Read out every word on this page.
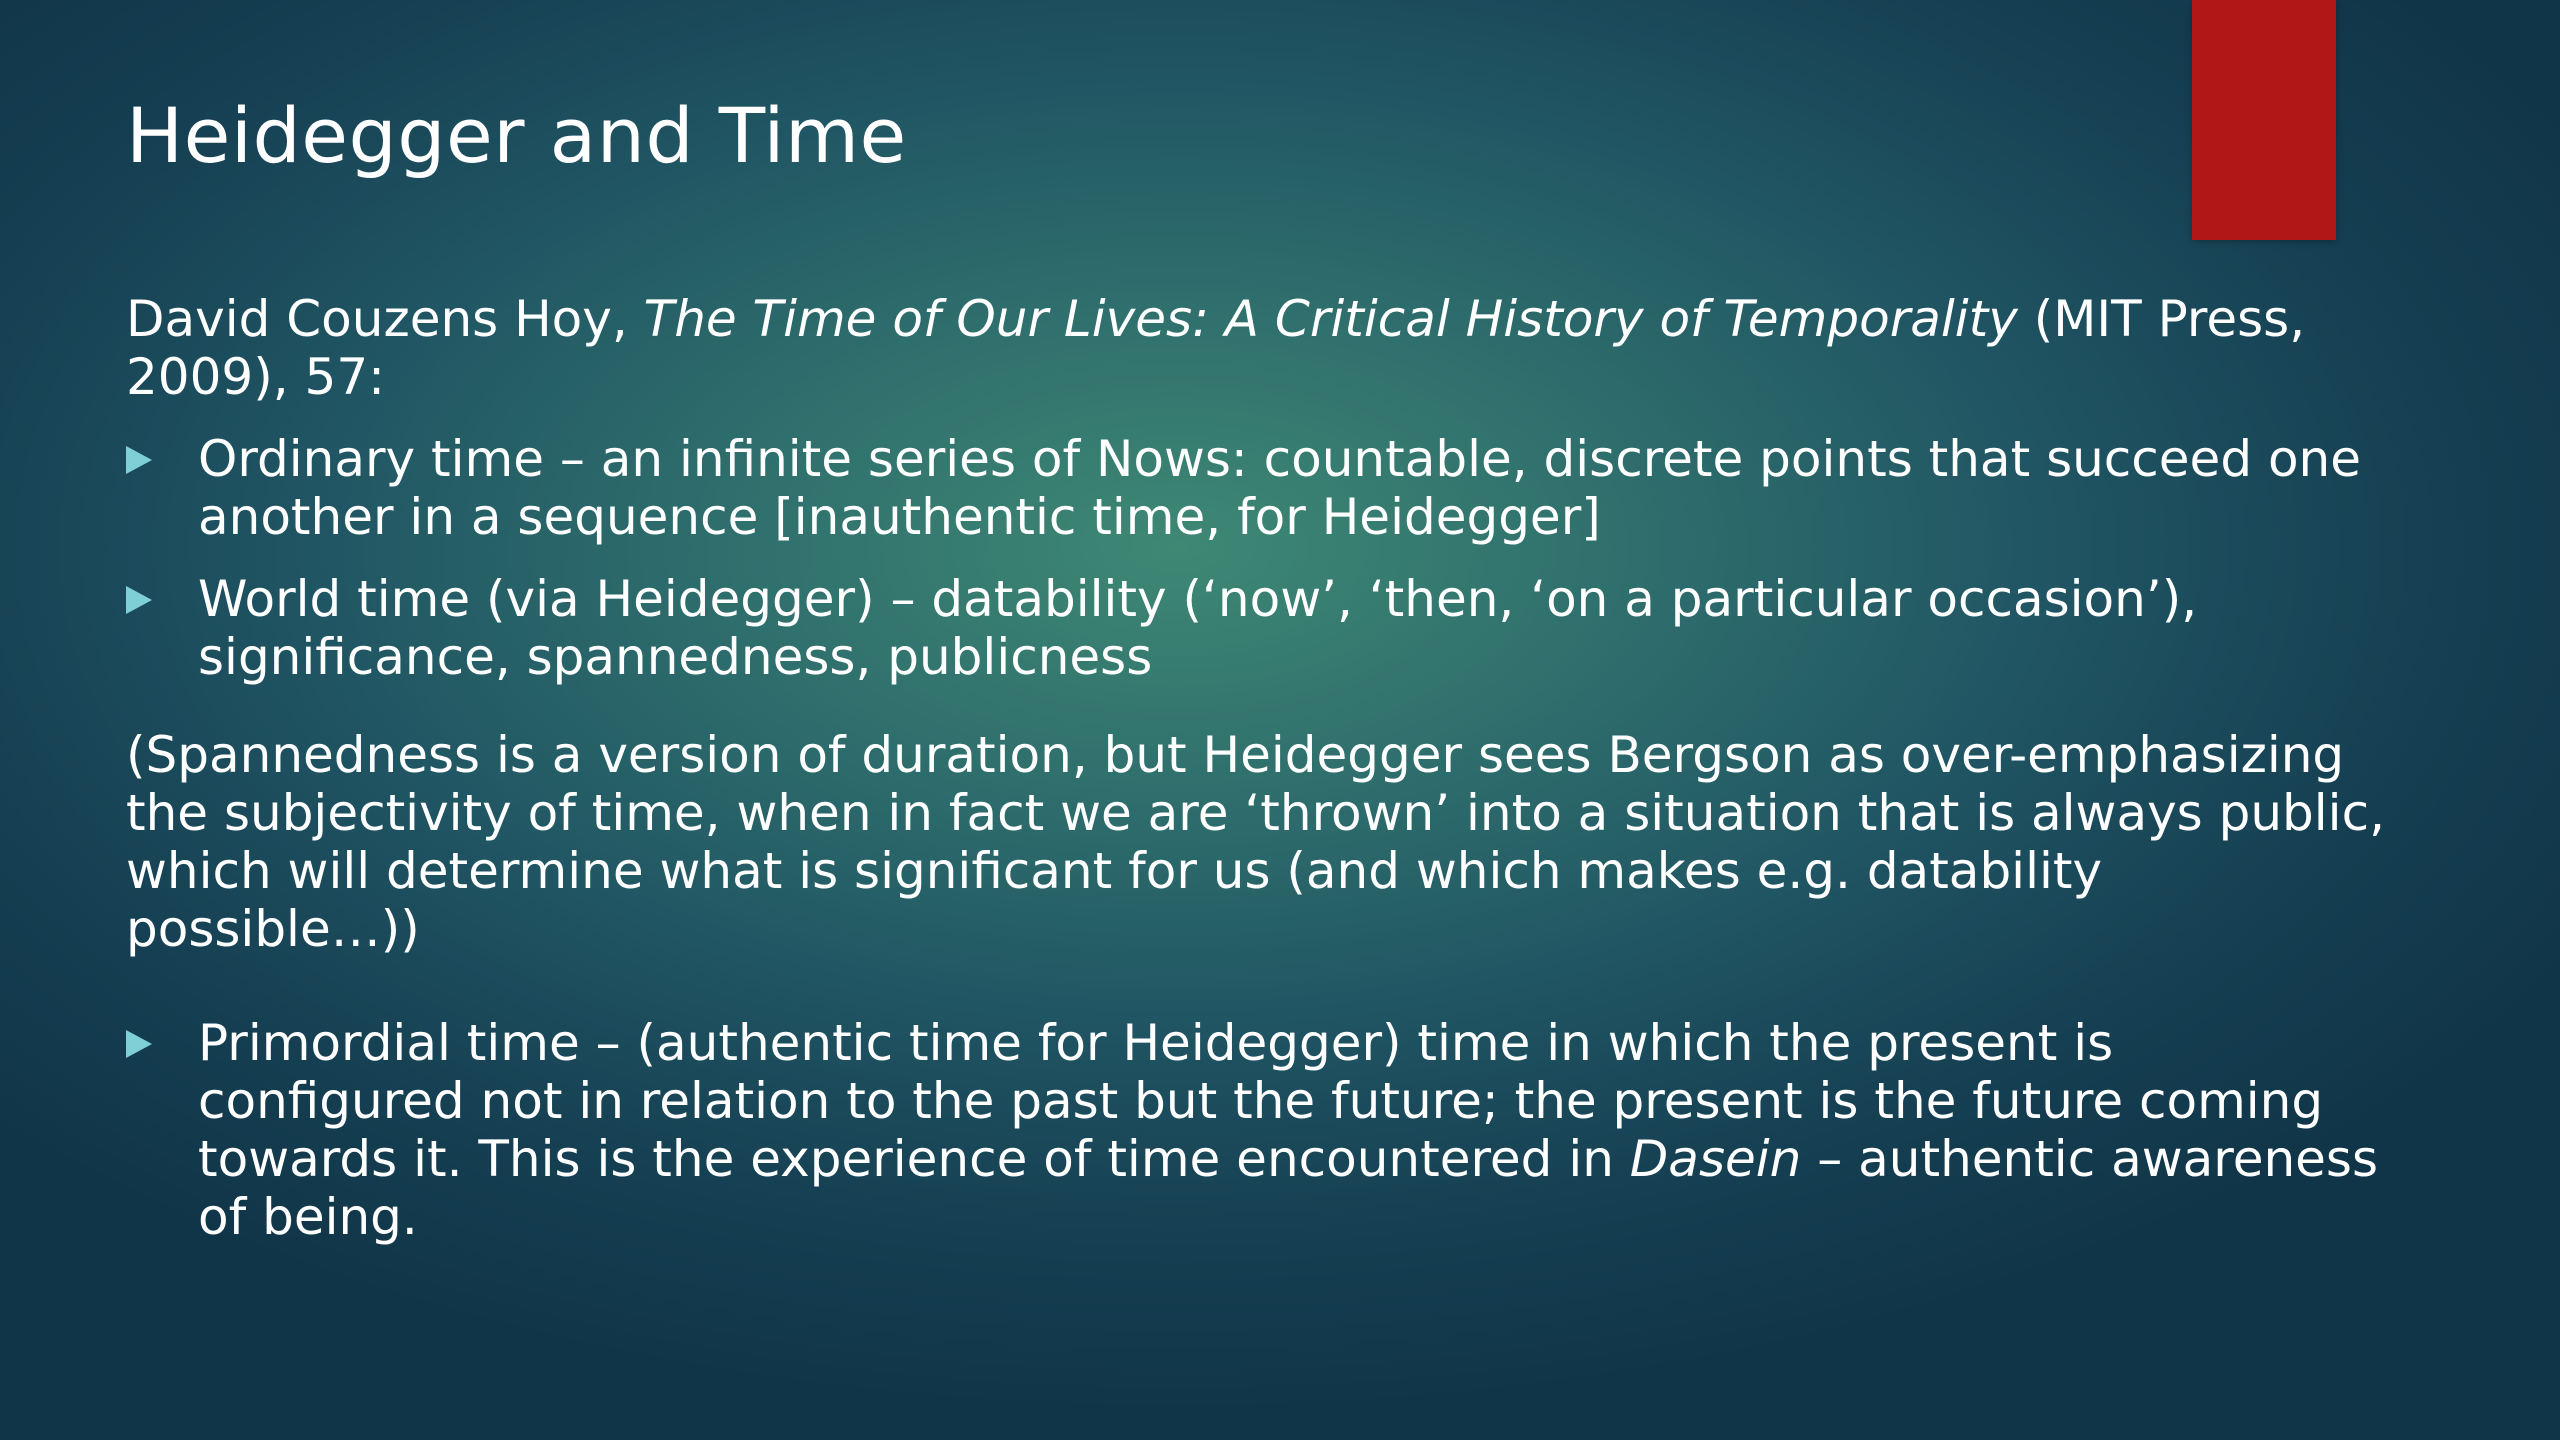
Heidegger and Time

David Couzens Hoy, The Time of Our Lives: A Critical History of Temporality (MIT Press, 2009), 57:

Ordinary time – an infinite series of Nows: countable, discrete points that succeed one another in a sequence [inauthentic time, for Heidegger]
World time (via Heidegger) – datability (‘now’, ‘then, ‘on a particular occasion’), significance, spannedness, publicness

(Spannedness is a version of duration, but Heidegger sees Bergson as over-emphasizing the subjectivity of time, when in fact we are ‘thrown’ into a situation that is always public, which will determine what is significant for us (and which makes e.g. datability possible…))

Primordial time – (authentic time for Heidegger) time in which the present is configured not in relation to the past but the future; the present is the future coming towards it. This is the experience of time encountered in Dasein – authentic awareness of being.
